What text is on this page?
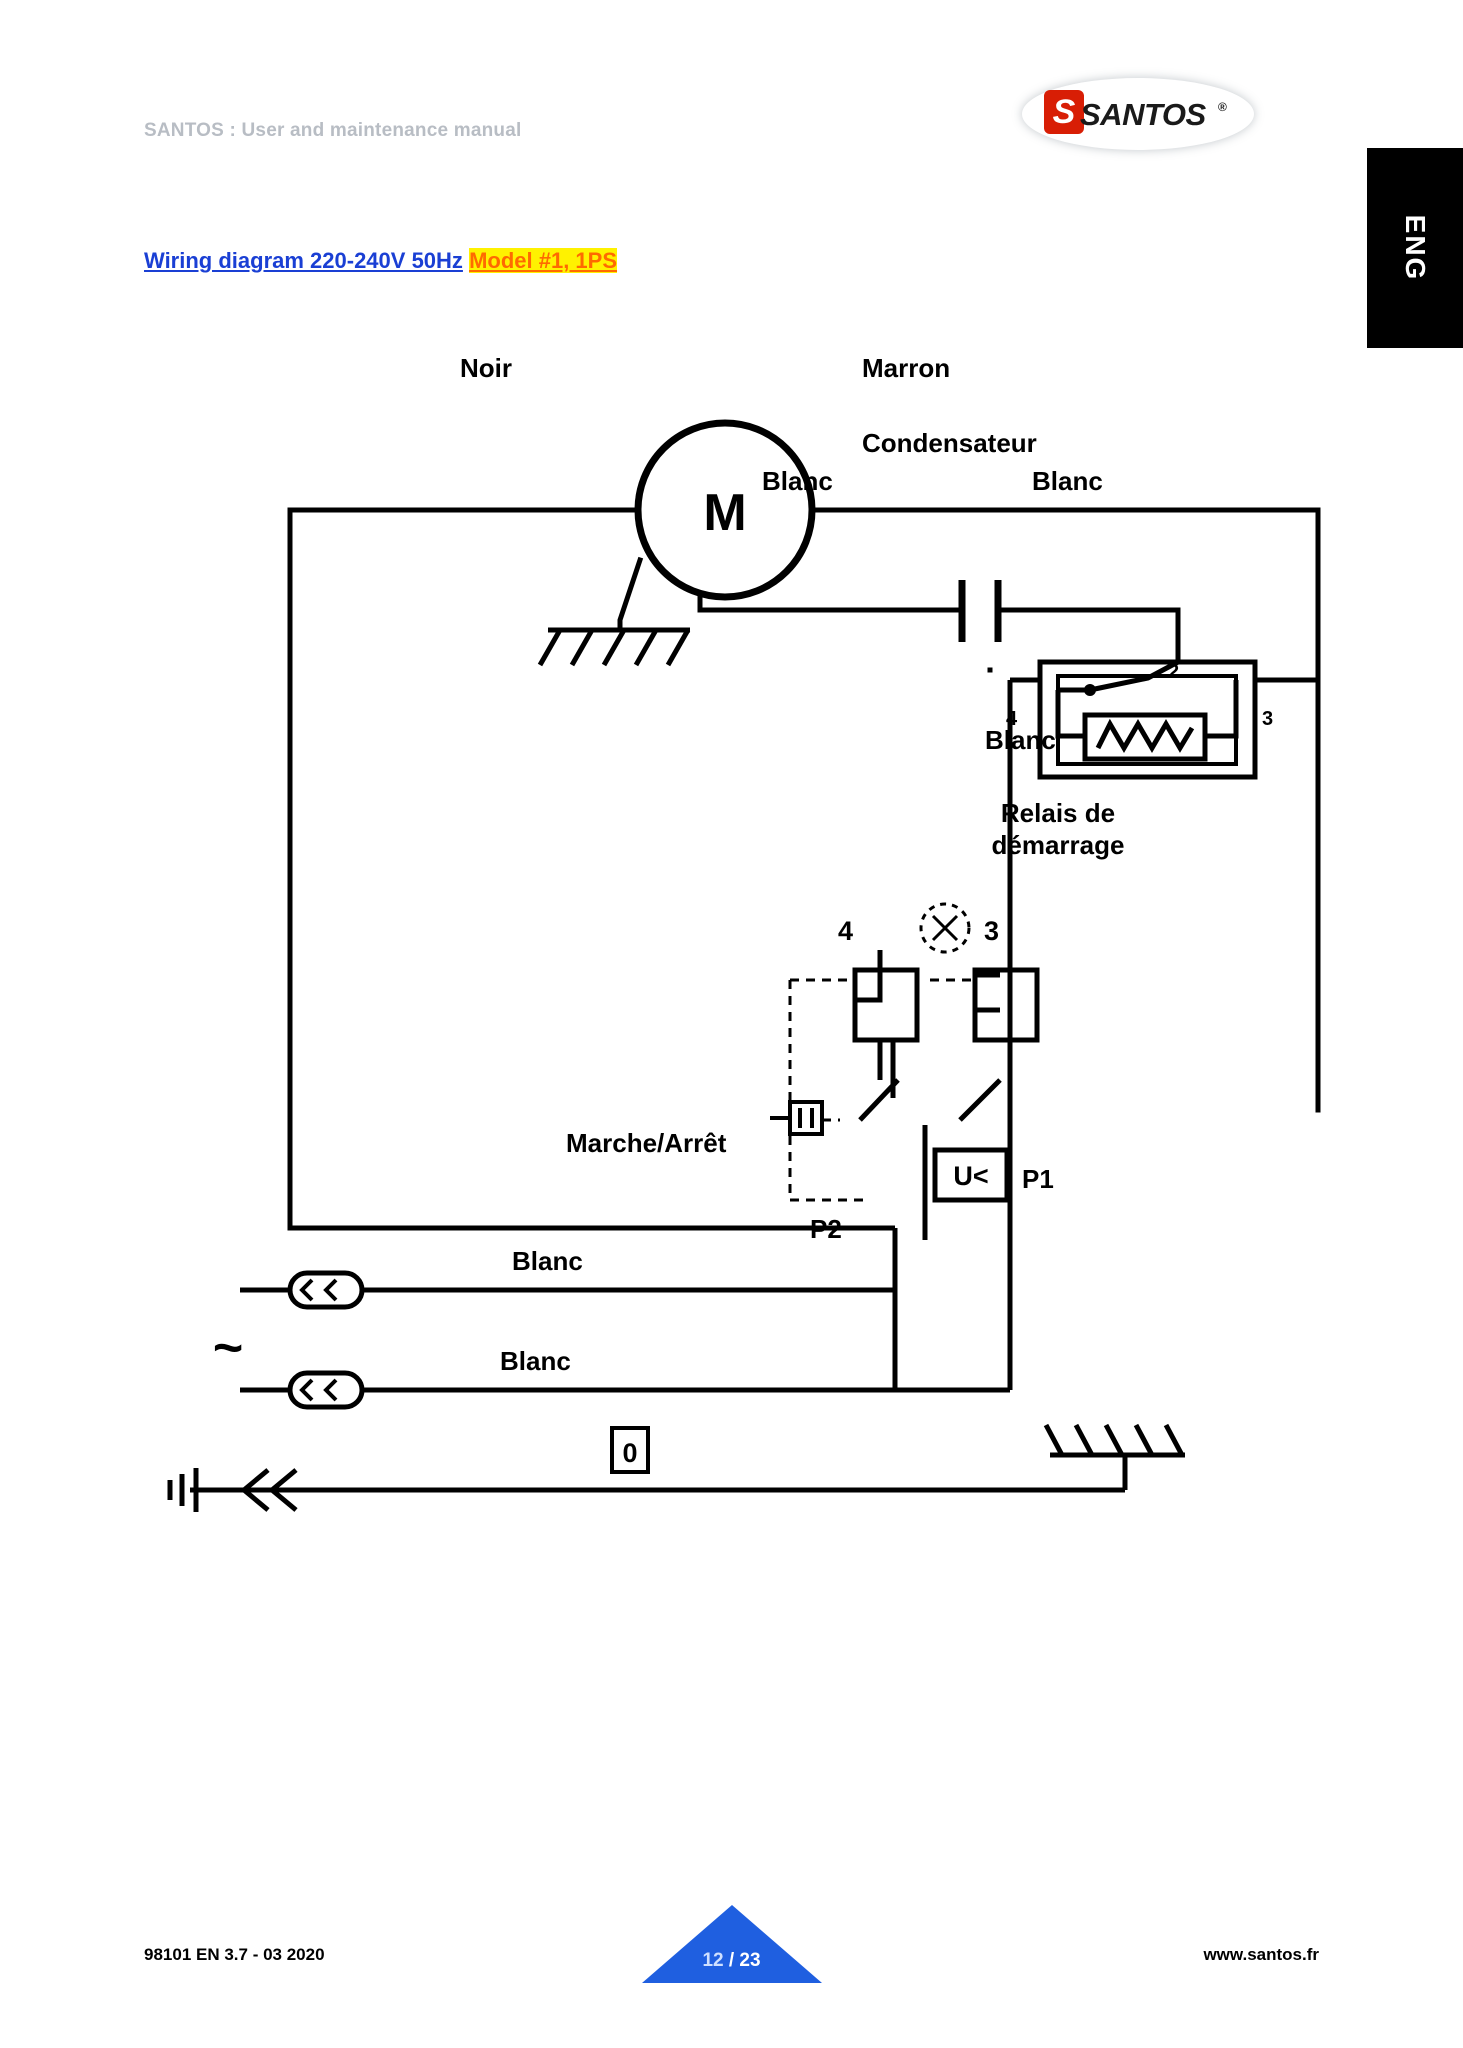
SANTOS : User and maintenance manual	S SANTOS ®
ENG
Wiring diagram 220-240V 50Hz Model #1, 1PS
M
U<
~
0
Noir	Marron
Condensateur
Blanc	Blanc
2
3
4
Relais de
démarrage
Blanc
4	3
Marche/Arrêt
P1
P2
Blanc
Blanc
98101 EN 3.7 - 03 2020	www.santos.fr
12 / 23
